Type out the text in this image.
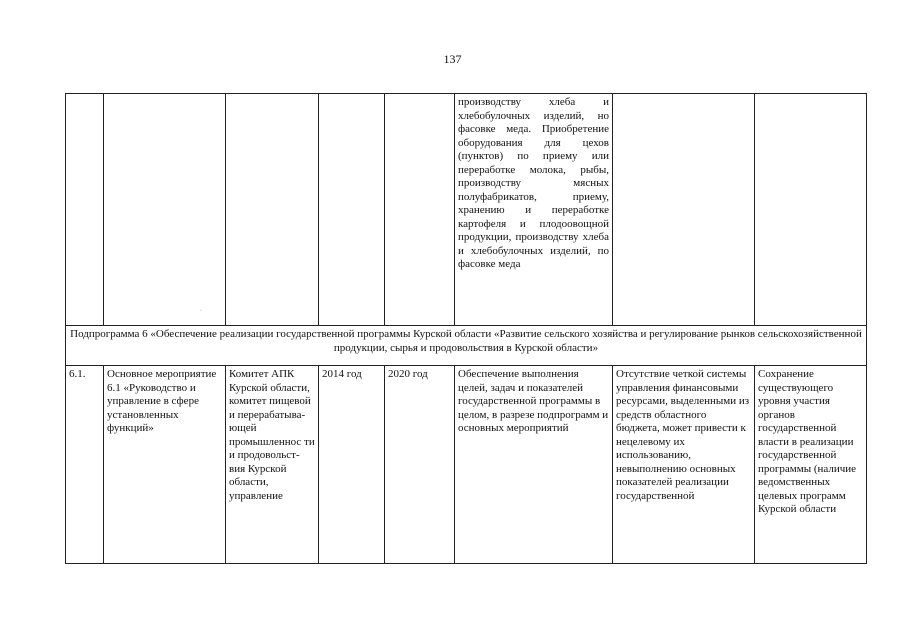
137
					производству хлеба и хлебобулочных изделий, но фасовке меда. Приобретение оборудования для цехов (пунктов) по приему или переработке молока, рыбы, производству мясных полуфабрикатов, приему, хранению и переработке картофеля и плодоовощной продукции, производству хлеба и хлебобулочных изделий, по фасовке меда		
Подпрограмма 6 «Обеспечение реализации государственной программы Курской области «Развитие сельского хозяйства и регулирование рынков сельскохозяйственной продукции, сырья и продовольствия в Курской области»							

6.1.	Основное мероприятие 6.1 «Руководство и управление в сфере установленных функций»	Комитет АПК Курской области, комитет пищевой и перерабатыва-ющей промышленнос ти и продовольст-вия Курской области, управление	2014 год	2020 год	Обеспечение выполнения целей, задач и показателей государственной программы в целом, в разрезе подпрограмм и основных мероприятий	Отсутствие четкой системы управления финансовыми ресурсами, выделенными из средств областного бюджета, может привести к нецелевому их использованию, невыполнению основных показателей реализации государственной	Сохранение существующего уровня участия органов государственной власти в реализации государственной программы (наличие ведомственных целевых программ Курской области
·
